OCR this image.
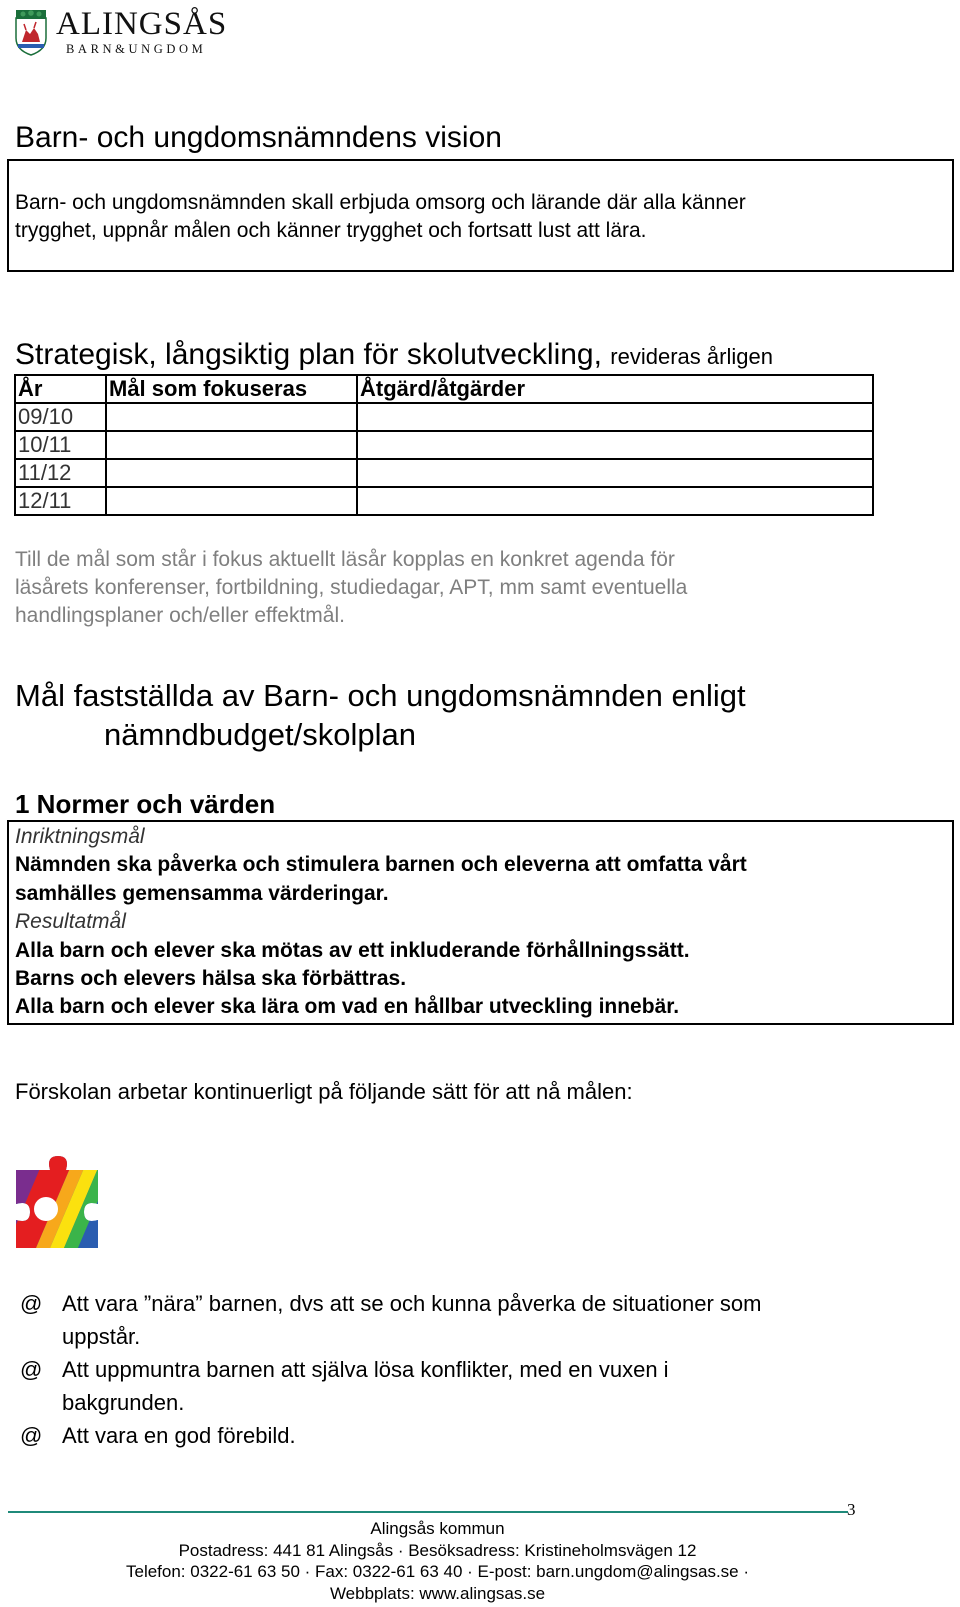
ALINGSÅS
BARN&UNGDOM
Barn- och ungdomsnämndens vision
Barn- och ungdomsnämnden skall erbjuda omsorg och lärande där alla känner
trygghet, uppnår målen och känner trygghet och fortsatt lust att lära.
Strategisk, långsiktig plan för skolutveckling, revideras årligen
År	Mål som fokuseras	Åtgärd/åtgärder
09/10		
10/11		
11/12		
12/11		
Till de mål som står i fokus aktuellt läsår kopplas en konkret agenda för
läsårets konferenser, fortbildning, studiedagar, APT, mm samt eventuella
handlingsplaner och/eller effektmål.
Mål fastställda av Barn- och ungdomsnämnden enligt
nämndbudget/skolplan
1 Normer och värden
Inriktningsmål
Nämnden ska påverka och stimulera barnen och eleverna att omfatta vårt
samhälles gemensamma värderingar.
Resultatmål
Alla barn och elever ska mötas av ett inkluderande förhållningssätt.
Barns och elevers hälsa ska förbättras.
Alla barn och elever ska lära om vad en hållbar utveckling innebär.
Förskolan arbetar kontinuerligt på följande sätt för att nå målen:
@ Att vara ”nära” barnen, dvs att se och kunna påverka de situationer som
uppstår.
@ Att uppmuntra barnen att själva lösa konflikter, med en vuxen i
bakgrunden.
@ Att vara en god förebild.
3
Alingsås kommun
Postadress: 441 81 Alingsås · Besöksadress: Kristineholmsvägen 12
Telefon: 0322-61 63 50 · Fax: 0322-61 63 40 · E-post: barn.ungdom@alingsas.se ·
Webbplats: www.alingsas.se
